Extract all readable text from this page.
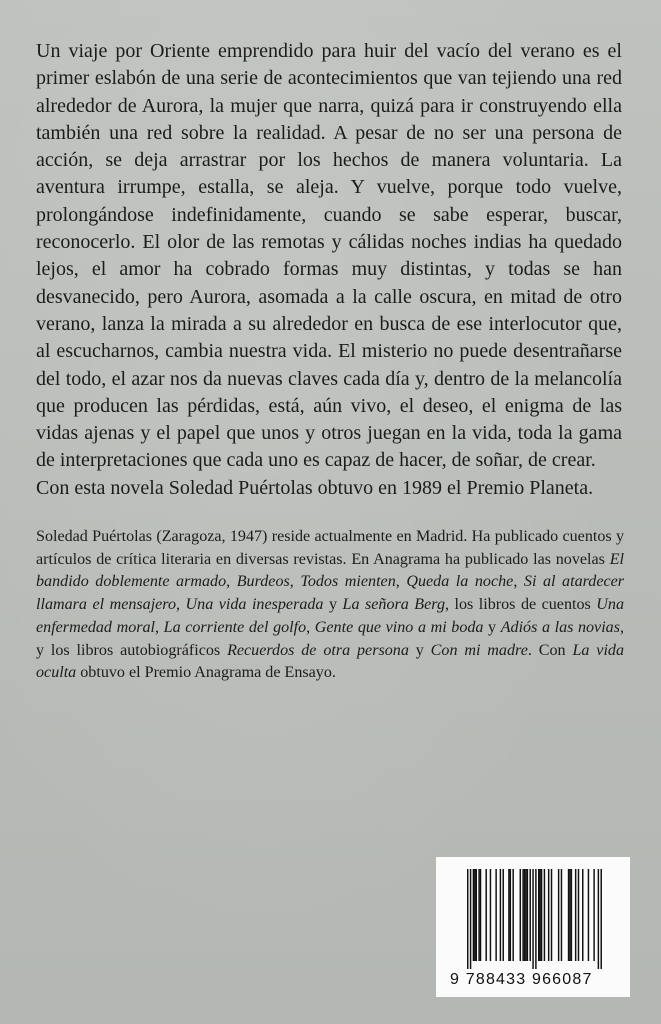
Un viaje por Oriente emprendido para huir del vacío del verano es el primer eslabón de una serie de acontecimientos que van tejiendo una red alrededor de Aurora, la mujer que narra, quizá para ir construyendo ella también una red sobre la realidad. A pesar de no ser una persona de acción, se deja arrastrar por los hechos de manera voluntaria. La aventura irrumpe, estalla, se aleja. Y vuelve, porque todo vuelve, prolongándose indefinidamente, cuando se sabe esperar, buscar, reconocerlo. El olor de las remotas y cálidas noches indias ha quedado lejos, el amor ha cobrado formas muy distintas, y todas se han desvanecido, pero Aurora, asomada a la calle oscura, en mitad de otro verano, lanza la mirada a su alrededor en busca de ese interlocutor que, al escucharnos, cambia nuestra vida. El misterio no puede desentrañarse del todo, el azar nos da nuevas claves cada día y, dentro de la melancolía que producen las pérdidas, está, aún vivo, el deseo, el enigma de las vidas ajenas y el papel que unos y otros juegan en la vida, toda la gama de interpretaciones que cada uno es capaz de hacer, de soñar, de crear.

Con esta novela Soledad Puértolas obtuvo en 1989 el Premio Planeta.

Soledad Puértolas (Zaragoza, 1947) reside actualmente en Madrid. Ha publicado cuentos y artículos de crítica literaria en diversas revistas. En Anagrama ha publicado las novelas El bandido doblemente armado, Burdeos, Todos mienten, Queda la noche, Si al atardecer llamara el mensajero, Una vida inesperada y La señora Berg, los libros de cuentos Una enfermedad moral, La corriente del golfo, Gente que vino a mi boda y Adiós a las novias, y los libros autobiográficos Recuerdos de otra persona y Con mi madre. Con La vida oculta obtuvo el Premio Anagrama de Ensayo.

9 788433 966087
